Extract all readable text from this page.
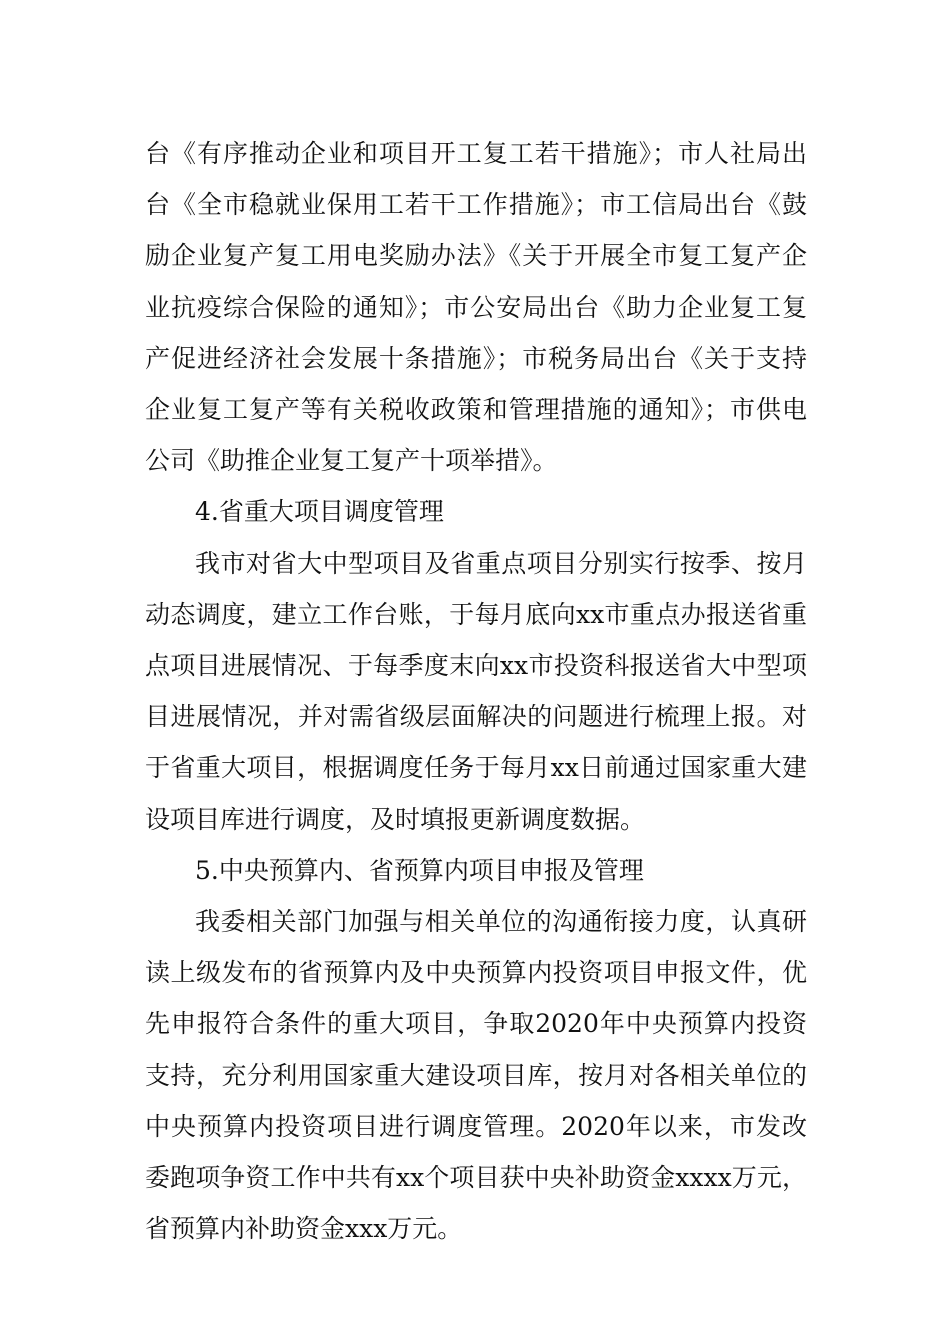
台《有序推动企业和项目开工复工若干措施》；市人社局出台《全市稳就业保用工若干工作措施》；市工信局出台《鼓励企业复产复工用电奖励办法》《关于开展全市复工复产企业抗疫综合保险的通知》；市公安局出台《助力企业复工复产促进经济社会发展十条措施》；市税务局出台《关于支持企业复工复产等有关税收政策和管理措施的通知》；市供电公司《助推企业复工复产十项举措》。

4.省重大项目调度管理

我市对省大中型项目及省重点项目分别实行按季、按月动态调度，建立工作台账，于每月底向xx市重点办报送省重点项目进展情况、于每季度末向xx市投资科报送省大中型项目进展情况，并对需省级层面解决的问题进行梳理上报。对于省重大项目，根据调度任务于每月xx日前通过国家重大建设项目库进行调度，及时填报更新调度数据。

5.中央预算内、省预算内项目申报及管理

我委相关部门加强与相关单位的沟通衔接力度，认真研读上级发布的省预算内及中央预算内投资项目申报文件，优先申报符合条件的重大项目，争取2020年中央预算内投资支持，充分利用国家重大建设项目库，按月对各相关单位的中央预算内投资项目进行调度管理。2020年以来，市发改委跑项争资工作中共有xx个项目获中央补助资金xxxx万元，省预算内补助资金xxx万元。
